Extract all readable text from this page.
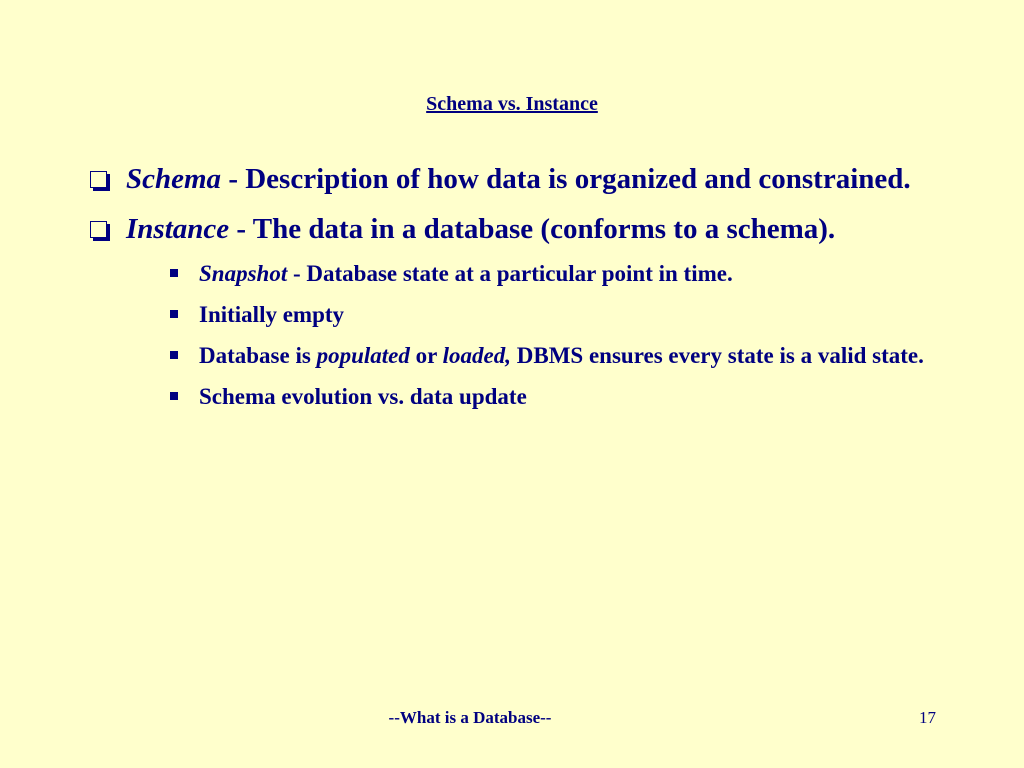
Schema vs. Instance
Schema - Description of how data is organized and constrained.
Instance - The data in a database (conforms to a schema).
Snapshot - Database state at a particular point in time.
Initially empty
Database is populated or loaded, DBMS ensures every state is a valid state.
Schema evolution vs. data update
--What is a Database--	17
